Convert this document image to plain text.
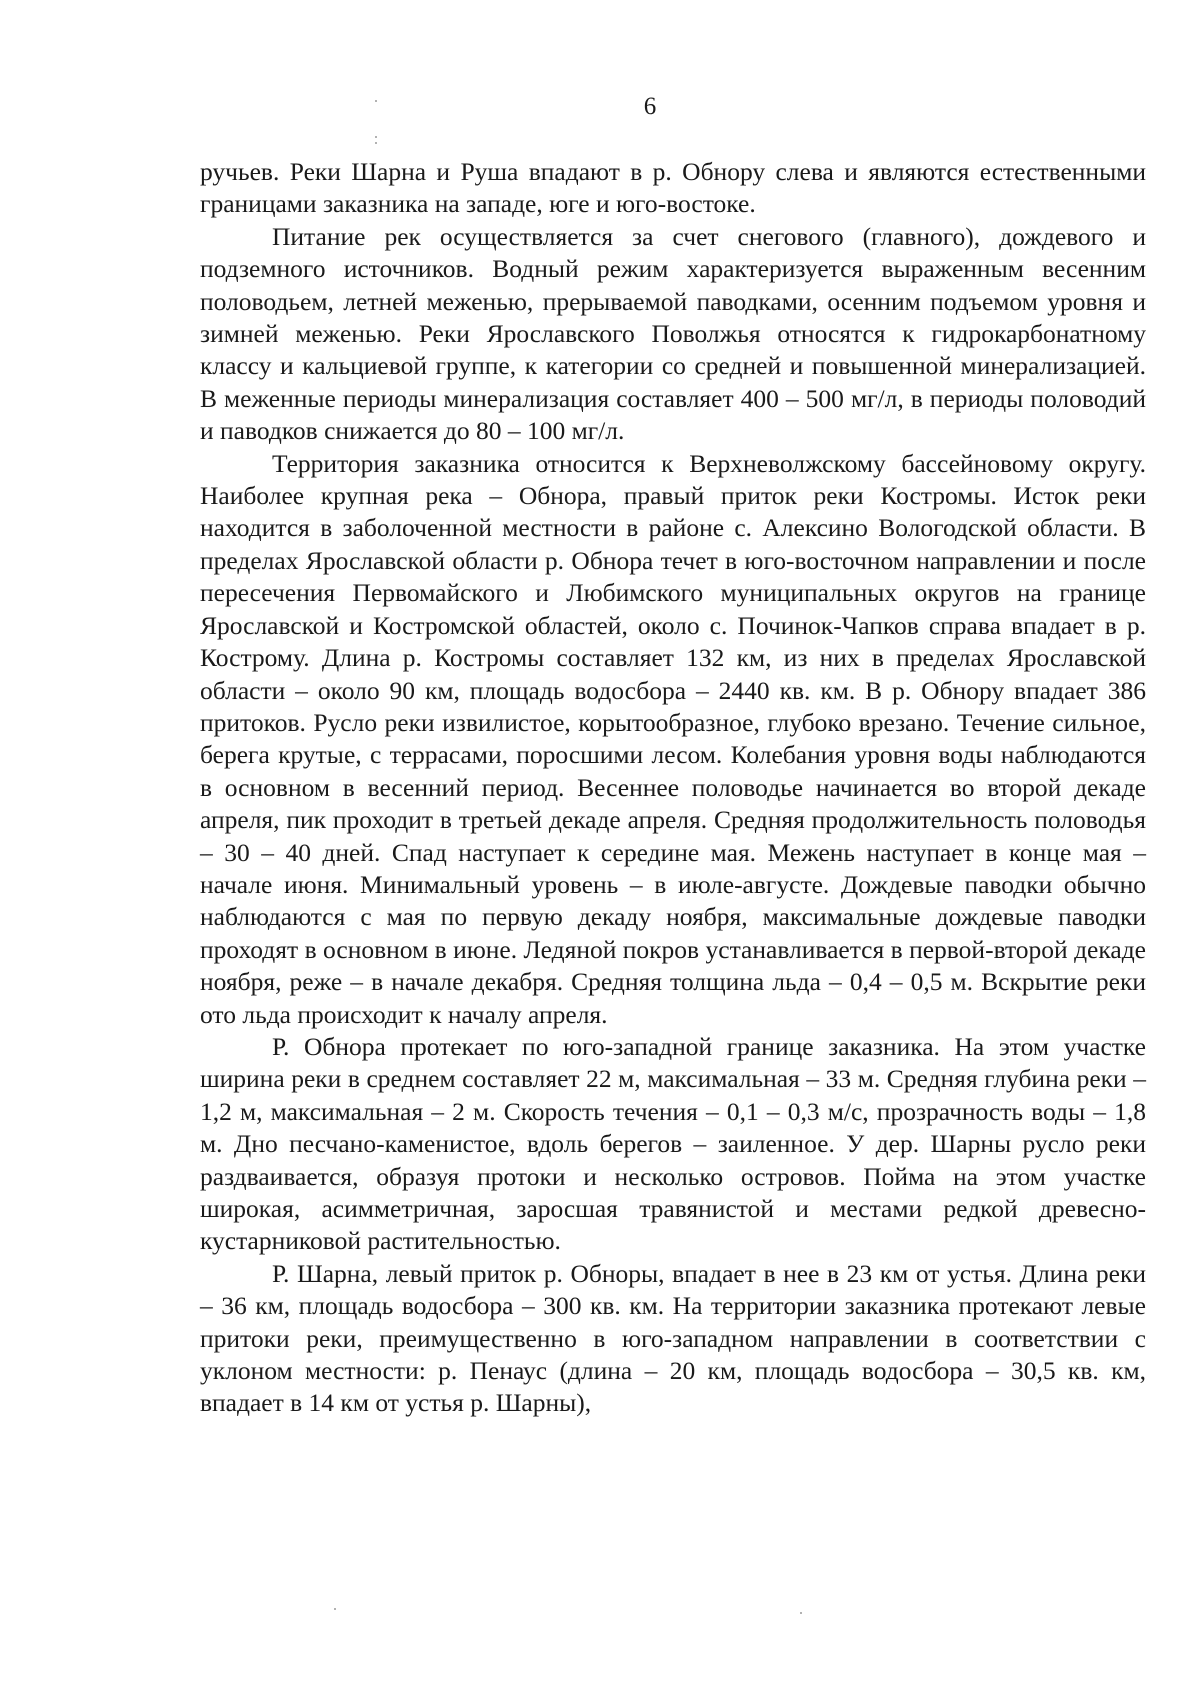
6

ручьев. Реки Шарна и Руша впадают в р. Обнору слева и являются естественными границами заказника на западе, юге и юго-востоке.

Питание рек осуществляется за счет снегового (главного), дождевого и подземного источников. Водный режим характеризуется выраженным весенним половодьем, летней меженью, прерываемой паводками, осенним подъемом уровня и зимней меженью. Реки Ярославского Поволжья относятся к гидрокарбонатному классу и кальциевой группе, к категории со средней и повышенной минерализацией. В меженные периоды минерализация составляет 400 – 500 мг/л, в периоды половодий и паводков снижается до 80 – 100 мг/л.

Территория заказника относится к Верхневолжскому бассейновому округу. Наиболее крупная река – Обнора, правый приток реки Костромы. Исток реки находится в заболоченной местности в районе с. Алексино Вологодской области. В пределах Ярославской области р. Обнора течет в юго-восточном направлении и после пересечения Первомайского и Любимского муниципальных округов на границе Ярославской и Костромской областей, около с. Починок-Чапков справа впадает в р. Кострому. Длина р. Костромы составляет 132 км, из них в пределах Ярославской области – около 90 км, площадь водосбора – 2440 кв. км. В р. Обнору впадает 386 притоков. Русло реки извилистое, корытообразное, глубоко врезано. Течение сильное, берега крутые, с террасами, поросшими лесом. Колебания уровня воды наблюдаются в основном в весенний период. Весеннее половодье начинается во второй декаде апреля, пик проходит в третьей декаде апреля. Средняя продолжительность половодья – 30 – 40 дней. Спад наступает к середине мая. Межень наступает в конце мая – начале июня. Минимальный уровень – в июле-августе. Дождевые паводки обычно наблюдаются с мая по первую декаду ноября, максимальные дождевые паводки проходят в основном в июне. Ледяной покров устанавливается в первой-второй декаде ноября, реже – в начале декабря. Средняя толщина льда – 0,4 – 0,5 м. Вскрытие реки ото льда происходит к началу апреля.

Р. Обнора протекает по юго-западной границе заказника. На этом участке ширина реки в среднем составляет 22 м, максимальная – 33 м. Средняя глубина реки – 1,2 м, максимальная – 2 м. Скорость течения – 0,1 – 0,3 м/с, прозрачность воды – 1,8 м. Дно песчано-каменистое, вдоль берегов – заиленное. У дер. Шарны русло реки раздваивается, образуя протоки и несколько островов. Пойма на этом участке широкая, асимметричная, заросшая травянистой и местами редкой древесно-кустарниковой растительностью.

Р. Шарна, левый приток р. Обноры, впадает в нее в 23 км от устья. Длина реки – 36 км, площадь водосбора – 300 кв. км. На территории заказника протекают левые притоки реки, преимущественно в юго-западном направлении в соответствии с уклоном местности: р. Пенаус (длина – 20 км, площадь водосбора – 30,5 кв. км, впадает в 14 км от устья р. Шарны),
